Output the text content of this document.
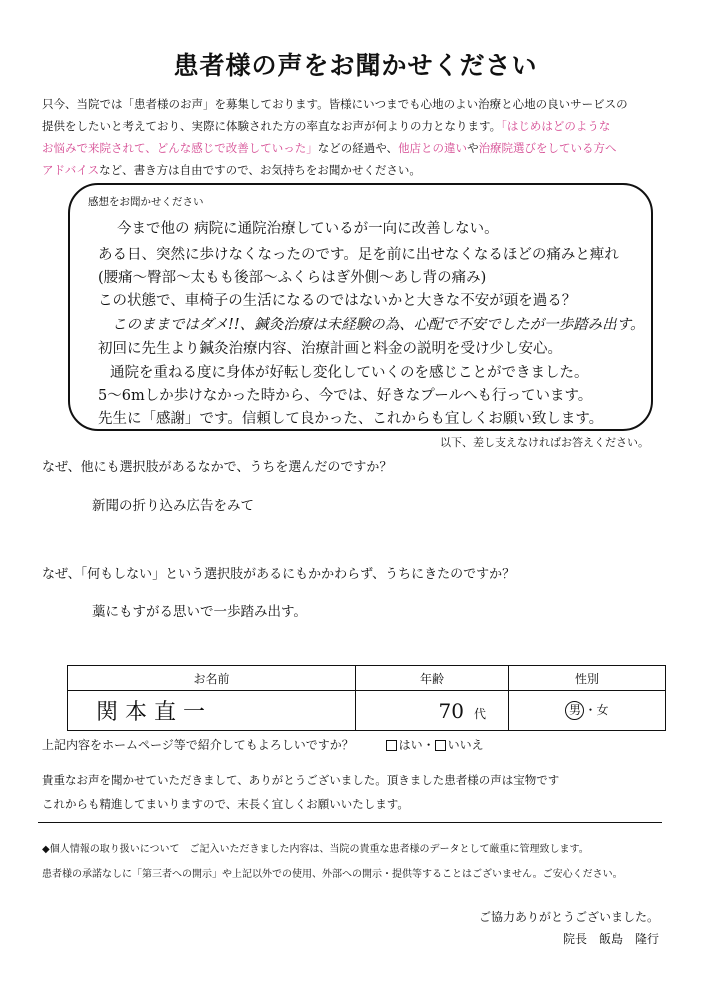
患者様の声をお聞かせください
只今、当院では「患者様のお声」を募集しております。皆様にいつまでも心地のよい治療と心地の良いサービスの
提供をしたいと考えており、実際に体験された方の率直なお声が何よりの力となります。「はじめはどのような
お悩みで来院されて、どんな感じで改善していった」などの経過や、他店との違いや治療院選びをしている方へ
アドバイスなど、書き方は自由ですので、お気持ちをお聞かせください。
感想をお聞かせください
今まで他の 病院に通院治療しているが一向に改善しない。
ある日、突然に歩けなくなったのです。足を前に出せなくなるほどの痛みと痺れ
(腰痛～臀部～太もも後部～ふくらはぎ外側～あし背の痛み)
この状態で、車椅子の生活になるのではないかと大きな不安が頭を過る？
このままではダメ!!、鍼灸治療は未経験の為、心配で不安でしたが一歩踏み出す。
初回に先生より鍼灸治療内容、治療計画と料金の説明を受け少し安心。
通院を重ねる度に身体が好転し変化していくのを感じことができました。
5～6mしか歩けなかった時から、今では、好きなプールへも行っています。
先生に「感謝」です。信頼して良かった、これからも宜しくお願い致します。
以下、差し支えなければお答えください。
なぜ、他にも選択肢があるなかで、うちを選んだのですか？
新聞の折り込み広告をみて
なぜ、「何もしない」という選択肢があるにもかかわらず、うちにきたのですか？
藁にもすがる思いで一歩踏み出す。
お名前	年齢	性別
関 本 直 一	70 代	男 ・女
上記内容をホームページ等で紹介してもよろしいですか？	はい・ いいえ
貴重なお声を聞かせていただきまして、ありがとうございました。頂きました患者様の声は宝物です
これからも精進してまいりますので、末長く宜しくお願いいたします。
◆個人情報の取り扱いについて　ご記入いただきました内容は、当院の貴重な患者様のデータとして厳重に管理致します。
患者様の承諾なしに「第三者への開示」や上記以外での使用、外部への開示・提供等することはございません。ご安心ください。
ご協力ありがとうございました。
院長　飯島　隆行
